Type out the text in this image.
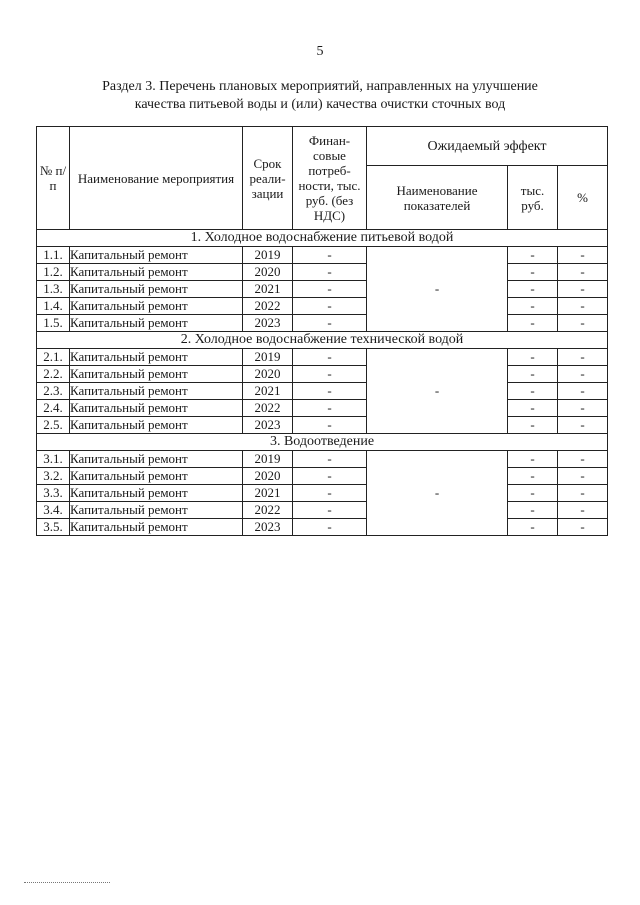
5
Раздел 3. Перечень плановых мероприятий, направленных на улучшение
качества питьевой воды и (или) качества очистки сточных вод
№ п/п	Наименование мероприятия	Срок реали-зации	Финан-совые потреб-ности, тыс. руб. (без НДС)	Ожидаемый эффект		
				Наименование показателей	тыс. руб.	%
1. Холодное водоснабжение питьевой водой						
1.1.	Капитальный ремонт	2019	-	-	-	-
1.2.	Капитальный ремонт	2020	-		-	-
1.3.	Капитальный ремонт	2021	-		-	-
1.4.	Капитальный ремонт	2022	-		-	-
1.5.	Капитальный ремонт	2023	-		-	-
2. Холодное водоснабжение технической водой						
2.1.	Капитальный ремонт	2019	-	-	-	-
2.2.	Капитальный ремонт	2020	-		-	-
2.3.	Капитальный ремонт	2021	-		-	-
2.4.	Капитальный ремонт	2022	-		-	-
2.5.	Капитальный ремонт	2023	-		-	-
3. Водоотведение						
3.1.	Капитальный ремонт	2019	-	-	-	-
3.2.	Капитальный ремонт	2020	-		-	-
3.3.	Капитальный ремонт	2021	-		-	-
3.4.	Капитальный ремонт	2022	-		-	-
3.5.	Капитальный ремонт	2023	-		-	-
